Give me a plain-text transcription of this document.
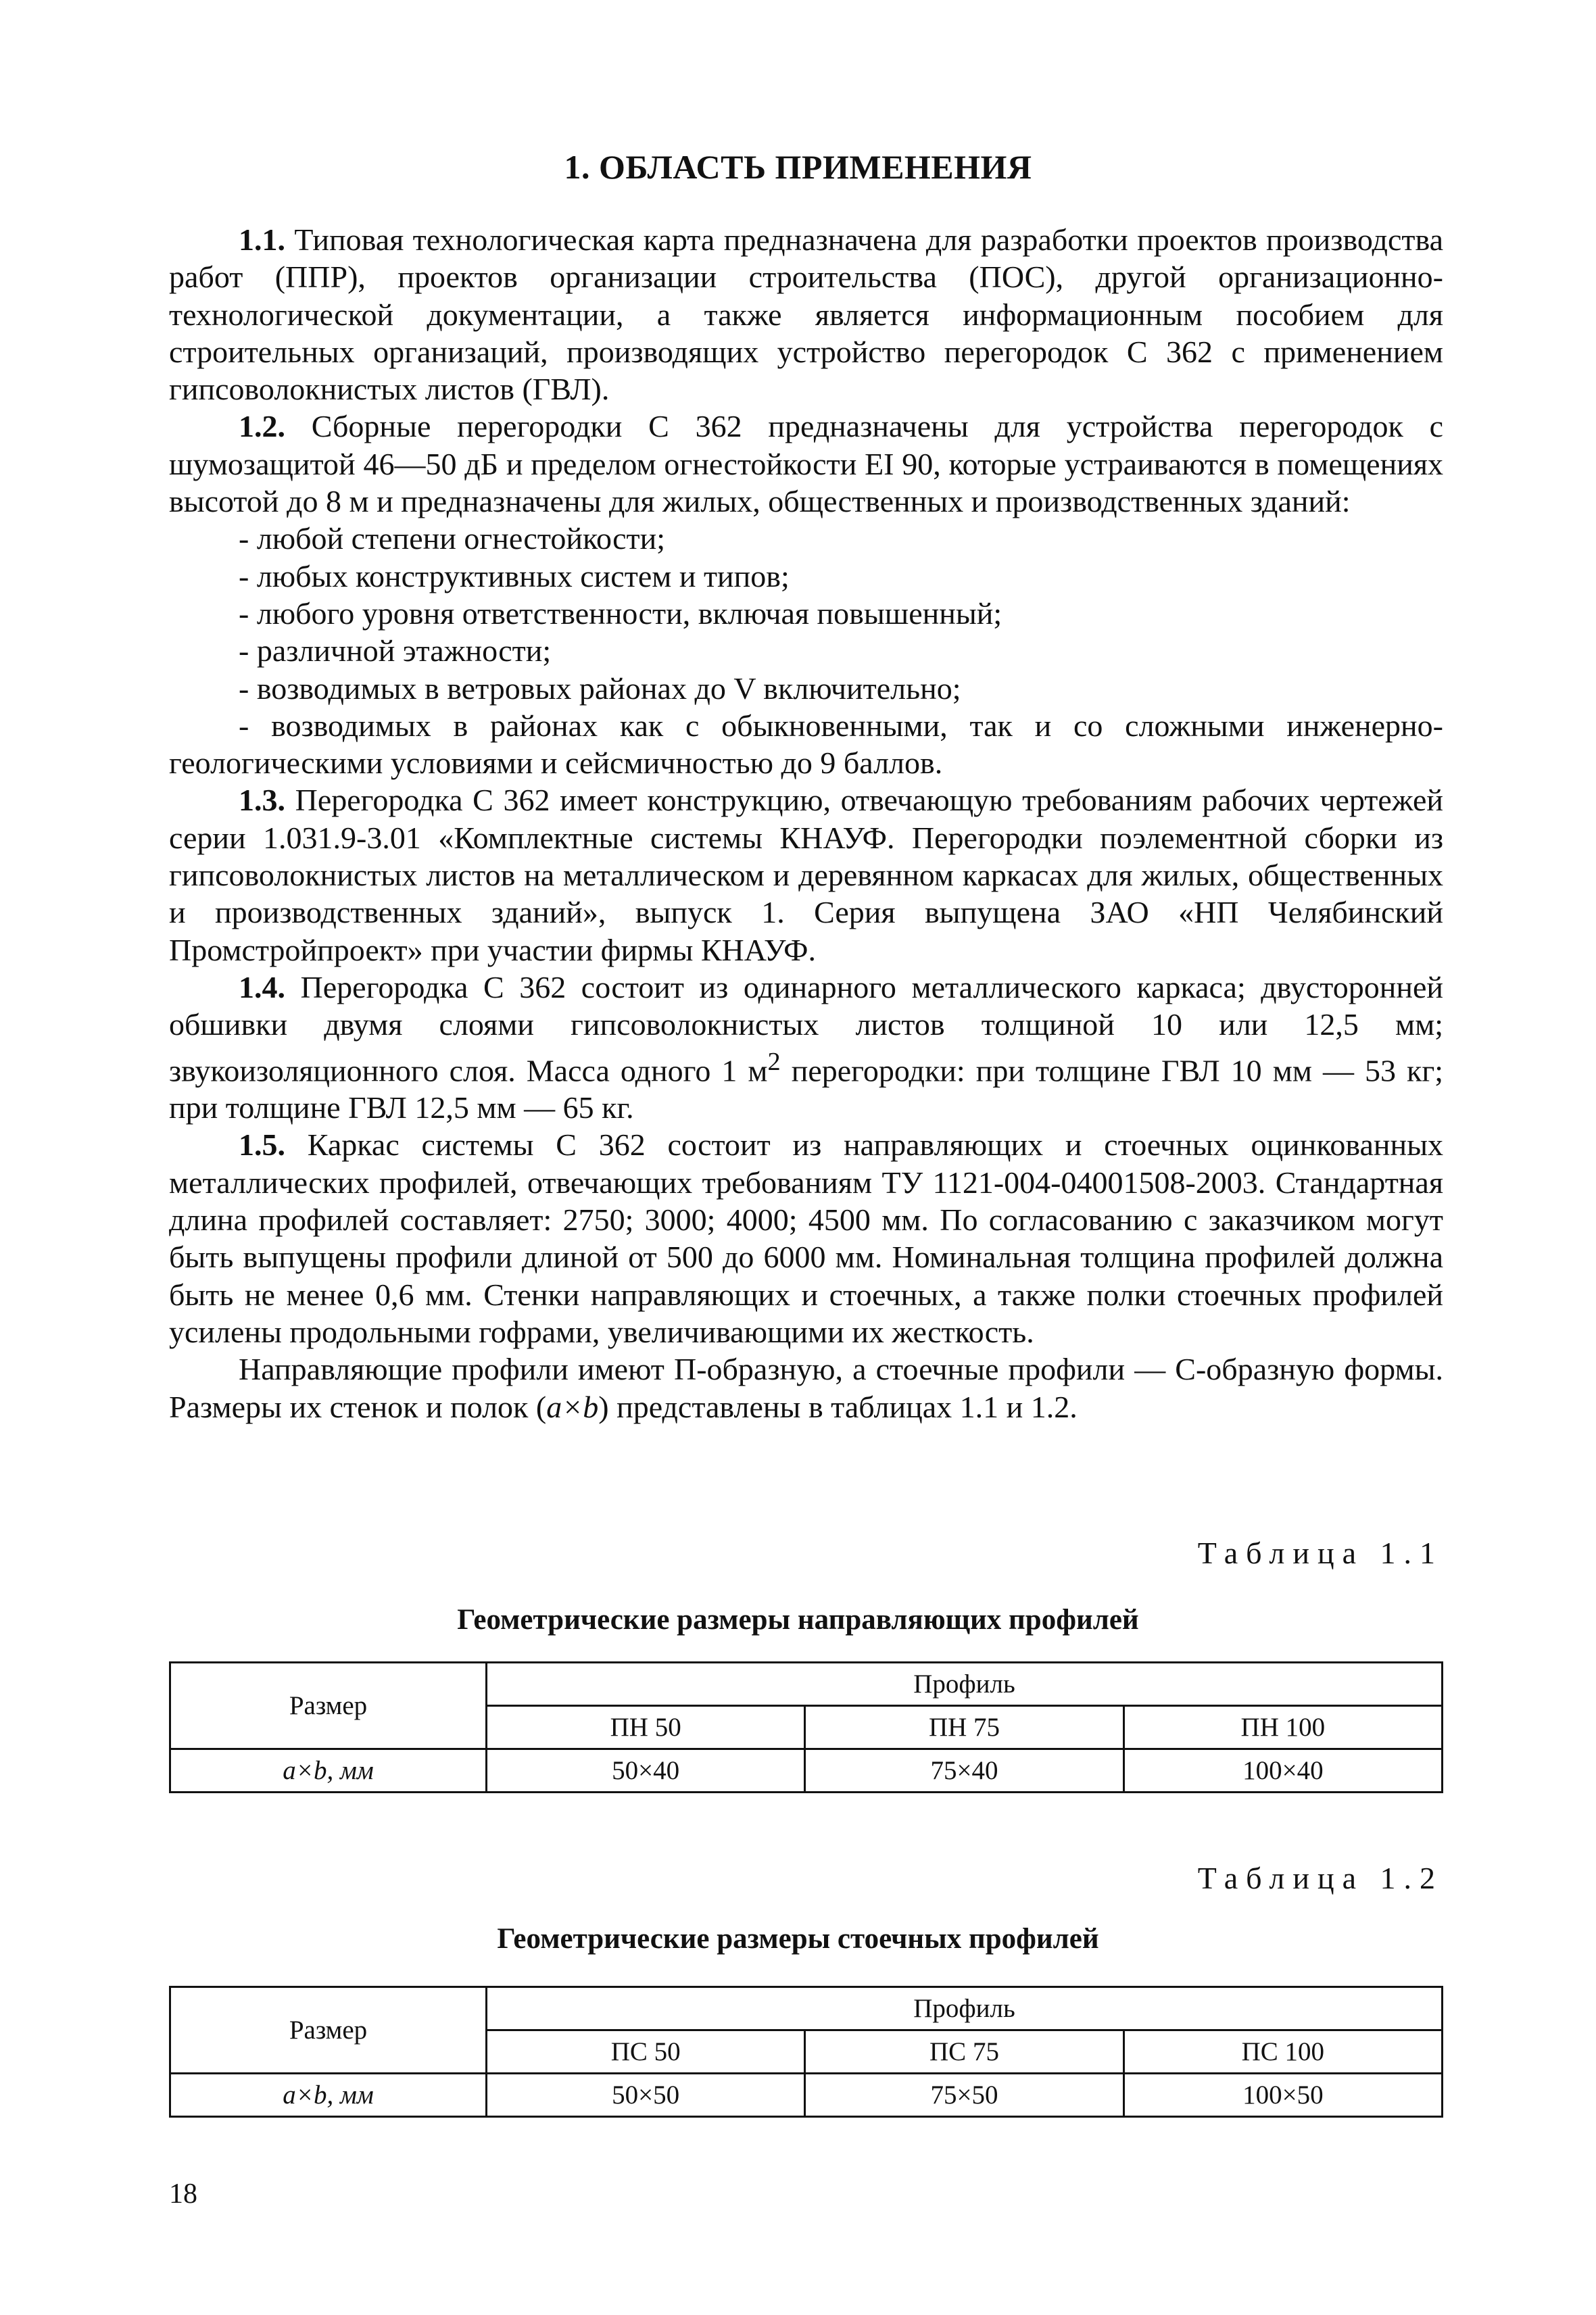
1. ОБЛАСТЬ ПРИМЕНЕНИЯ

1.1. Типовая технологическая карта предназначена для разработки проектов производства работ (ППР), проектов организации строительства (ПОС), другой организационно-технологической документации, а также является информационным пособием для строительных организаций, производящих устройство перегородок С 362 с применением гипсоволокнистых листов (ГВЛ).

1.2. Сборные перегородки С 362 предназначены для устройства перегородок с шумозащитой 46—50 дБ и пределом огнестойкости EI 90, которые устраиваются в помещениях высотой до 8 м и предназначены для жилых, общественных и производственных зданий:

- любой степени огнестойкости;

- любых конструктивных систем и типов;

- любого уровня ответственности, включая повышенный;

- различной этажности;

- возводимых в ветровых районах до V включительно;

- возводимых в районах как с обыкновенными, так и со сложными инженерно-геологическими условиями и сейсмичностью до 9 баллов.

1.3. Перегородка С 362 имеет конструкцию, отвечающую требованиям рабочих чертежей серии 1.031.9-3.01 «Комплектные системы КНАУФ. Перегородки поэлементной сборки из гипсоволокнистых листов на металлическом и деревянном каркасах для жилых, общественных и производственных зданий», выпуск 1. Серия выпущена ЗАО «НП Челябинский Промстройпроект» при участии фирмы КНАУФ.

1.4. Перегородка С 362 состоит из одинарного металлического каркаса; двусторонней обшивки двумя слоями гипсоволокнистых листов толщиной 10 или 12,5 мм; звукоизоляционного слоя. Масса одного 1 $м^2$ перегородки: при толщине ГВЛ 10 мм — 53 кг; при толщине ГВЛ 12,5 мм — 65 кг.

1.5. Каркас системы С 362 состоит из направляющих и стоечных оцинкованных металлических профилей, отвечающих требованиям ТУ 1121-004-04001508-2003. Стандартная длина профилей составляет: 2750; 3000; 4000; 4500 мм. По согласованию с заказчиком могут быть выпущены профили длиной от 500 до 6000 мм. Номинальная толщина профилей должна быть не менее 0,6 мм. Стенки направляющих и стоечных, а также полки стоечных профилей усилены продольными гофрами, увеличивающими их жесткость.

Направляющие профили имеют П-образную, а стоечные профили — С-образную формы. Размеры их стенок и полок (a×b) представлены в таблицах 1.1 и 1.2.

Таблица 1.1
Геометрические размеры направляющих профилей
Размер	Профиль		
	ПН 50	ПН 75	ПН 100
a×b, мм	50×40	75×40	100×40
Таблица 1.2
Геометрические размеры стоечных профилей
Размер	Профиль		
	ПС 50	ПС 75	ПС 100
a×b, мм	50×50	75×50	100×50
18
